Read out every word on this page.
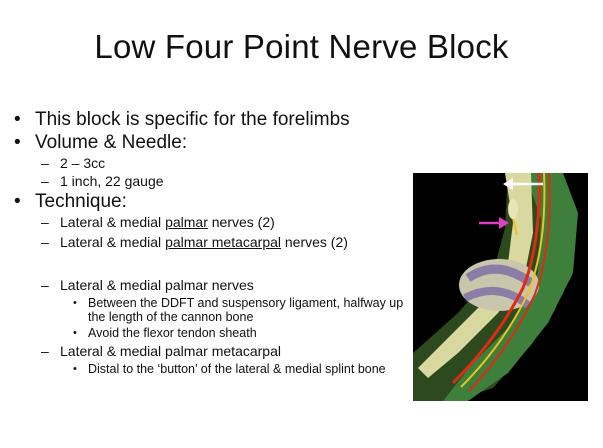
Low Four Point Nerve Block
• This block is specific for the forelimbs
• Volume & Needle:
– 2 – 3cc
– 1 inch, 22 gauge
• Technique:
– Lateral & medial palmar nerves (2)
– Lateral & medial palmar metacarpal nerves (2)
– Lateral & medial palmar nerves
• Between the DDFT and suspensory ligament, halfway up the length of the cannon bone
• Avoid the flexor tendon sheath
– Lateral & medial palmar metacarpal
• Distal to the ‘button’ of the lateral & medial splint bone
